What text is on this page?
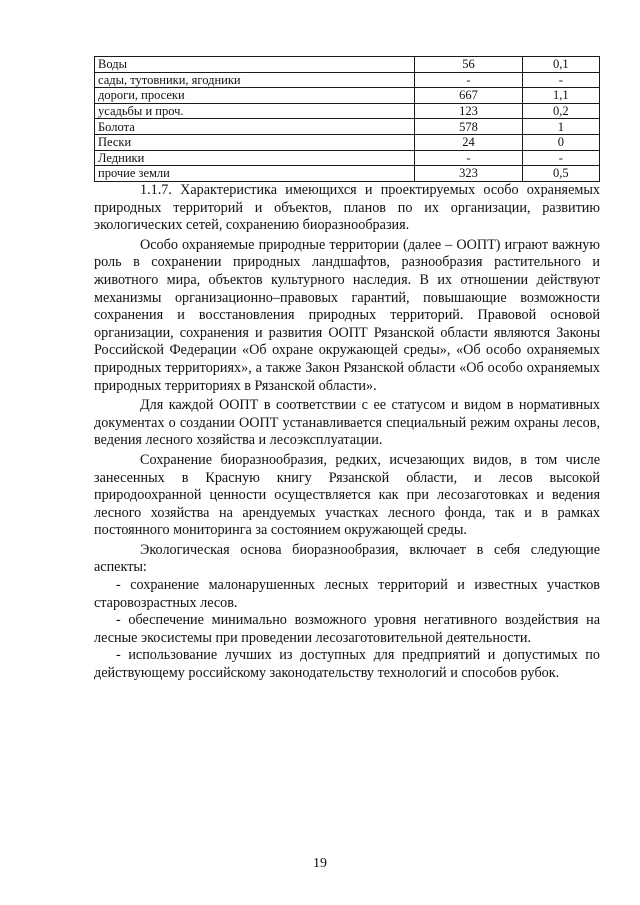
Воды	56	0,1
сады, тутовники, ягодники	-	-
дороги, просеки	667	1,1
усадьбы и проч.	123	0,2
Болота	578	1
Пески	24	0
Ледники	-	-
прочие земли	323	0,5

1.1.7. Характеристика имеющихся и проектируемых особо охраняемых природных территорий и объектов, планов по их организации, развитию экологических сетей, сохранению биоразнообразия.

Особо охраняемые природные территории (далее – ООПТ) играют важную роль в сохранении природных ландшафтов, разнообразия растительного и животного мира, объектов культурного наследия. В их отношении действуют механизмы организационно–правовых гарантий, повышающие возможности сохранения и восстановления природных территорий. Правовой основой организации, сохранения и развития ООПТ Рязанской области являются Законы Российской Федерации «Об охране окружающей среды», «Об особо охраняемых природных территориях», а также Закон Рязанской области «Об особо охраняемых природных территориях в Рязанской области».

Для каждой ООПТ в соответствии с ее статусом и видом в нормативных документах о создании ООПТ устанавливается специальный режим охраны лесов, ведения лесного хозяйства и лесоэксплуатации.

Сохранение биоразнообразия, редких, исчезающих видов, в том числе занесенных в Красную книгу Рязанской области, и лесов высокой природоохранной ценности осуществляется как при лесозаготовках и ведения лесного хозяйства на арендуемых участках лесного фонда, так и в рамках постоянного мониторинга за состоянием окружающей среды.

Экологическая основа биоразнообразия, включает в себя следующие аспекты:

- сохранение малонарушенных лесных территорий и известных участков старовозрастных лесов.

- обеспечение минимально возможного уровня негативного воздействия на лесные экосистемы при проведении лесозаготовительной деятельности.

- использование лучших из доступных для предприятий и допустимых по действующему российскому законодательству технологий и способов рубок.

19
